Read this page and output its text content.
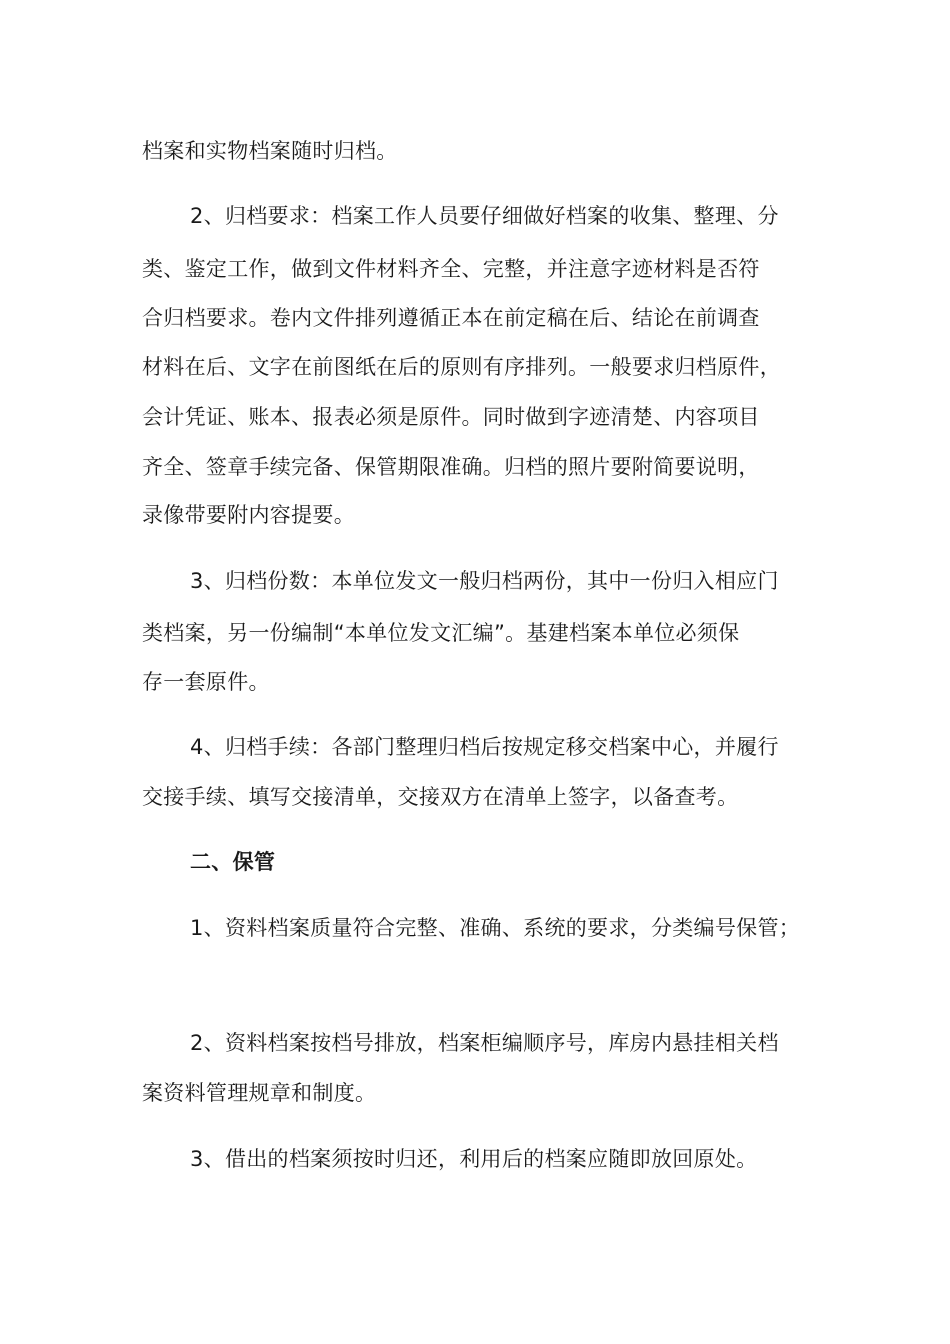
档案和实物档案随时归档。
2、归档要求：档案工作人员要仔细做好档案的收集、整理、分
类、鉴定工作，做到文件材料齐全、完整，并注意字迹材料是否符
合归档要求。卷内文件排列遵循正本在前定稿在后、结论在前调查
材料在后、文字在前图纸在后的原则有序排列。一般要求归档原件，
会计凭证、账本、报表必须是原件。同时做到字迹清楚、内容项目
齐全、签章手续完备、保管期限准确。归档的照片要附简要说明，
录像带要附内容提要。
3、归档份数：本单位发文一般归档两份，其中一份归入相应门
类档案，另一份编制“本单位发文汇编”。基建档案本单位必须保
存一套原件。
4、归档手续：各部门整理归档后按规定移交档案中心，并履行
交接手续、填写交接清单，交接双方在清单上签字，以备查考。
二、保管
1、资料档案质量符合完整、准确、系统的要求，分类编号保管；
2、资料档案按档号排放，档案柜编顺序号，库房内悬挂相关档
案资料管理规章和制度。
3、借出的档案须按时归还，利用后的档案应随即放回原处。
